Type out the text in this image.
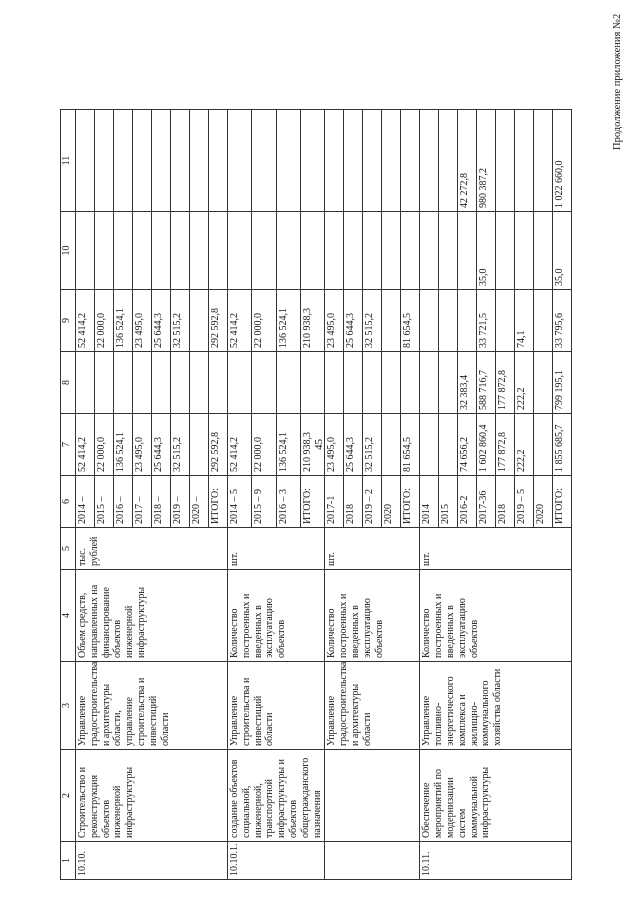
45
Продолжение приложения №2
1	2	3	4	5	6	7	8	9	10	11
10.10.	Строительство и реконструкция объектов инженерной инфраструктуры	Управление градостроительства и архитектуры области, управление строительства и инвестиций области	Объем средств, направленных на финансирование объектов инженерной инфраструктуры	тыс. рублей	2014 –	52 414,2		52 414,2		
					2015 –	22 000,0		22 000,0		
					2016 –	136 524,1		136 524,1		
					2017 –	23 495,0		23 495,0		
					2018 –	25 644,3		25 644,3		
					2019 –	32 515,2		32 515,2		
					2020 –					
					ИТОГО:	292 592,8		292 592,8		
10.10.1.	создание объектов социальной, инженерной, транспортной инфраструктуры и объектов общегражданского назначения	Управление строительства и инвестиций области	Количество построенных и введенных в эксплуатацию объектов	шт.	2014 – 5	52 414,2		52 414,2		
					2015 – 9	22 000,0		22 000,0		
					2016 – 3	136 524,1		136 524,1		
					ИТОГО:	210 938,3		210 938,3		
		Управление градостроительства и архитектуры области	Количество построенных и введенных в эксплуатацию объектов	шт.	2017-1	23 495,0		23 495,0		
					2018	25 644,3		25 644,3		
					2019 – 2	32 515,2		32 515,2		
					2020					
					ИТОГО:	81 654,5		81 654,5		
10.11.	Обеспечение мероприятий по модернизации систем коммунальной инфраструктуры	Управление топливно-энергетического комплекса и жилищно-коммунального хозяйства области	Количество построенных и введенных в эксплуатацию объектов	шт.	2014					
					2015					
					2016-2	74 656,2	32 383,4			42 272,8
					2017-36	1 602 860,4	588 716,7	33 721,5	35,0	980 387,2
					2018	177 872,8	177 872,8			
					2019 – 5	222,2	222,2	74,1		
					2020					
					ИТОГО:	1 855 685,7	799 195,1	33 795,6	35,0	1 022 660,0
